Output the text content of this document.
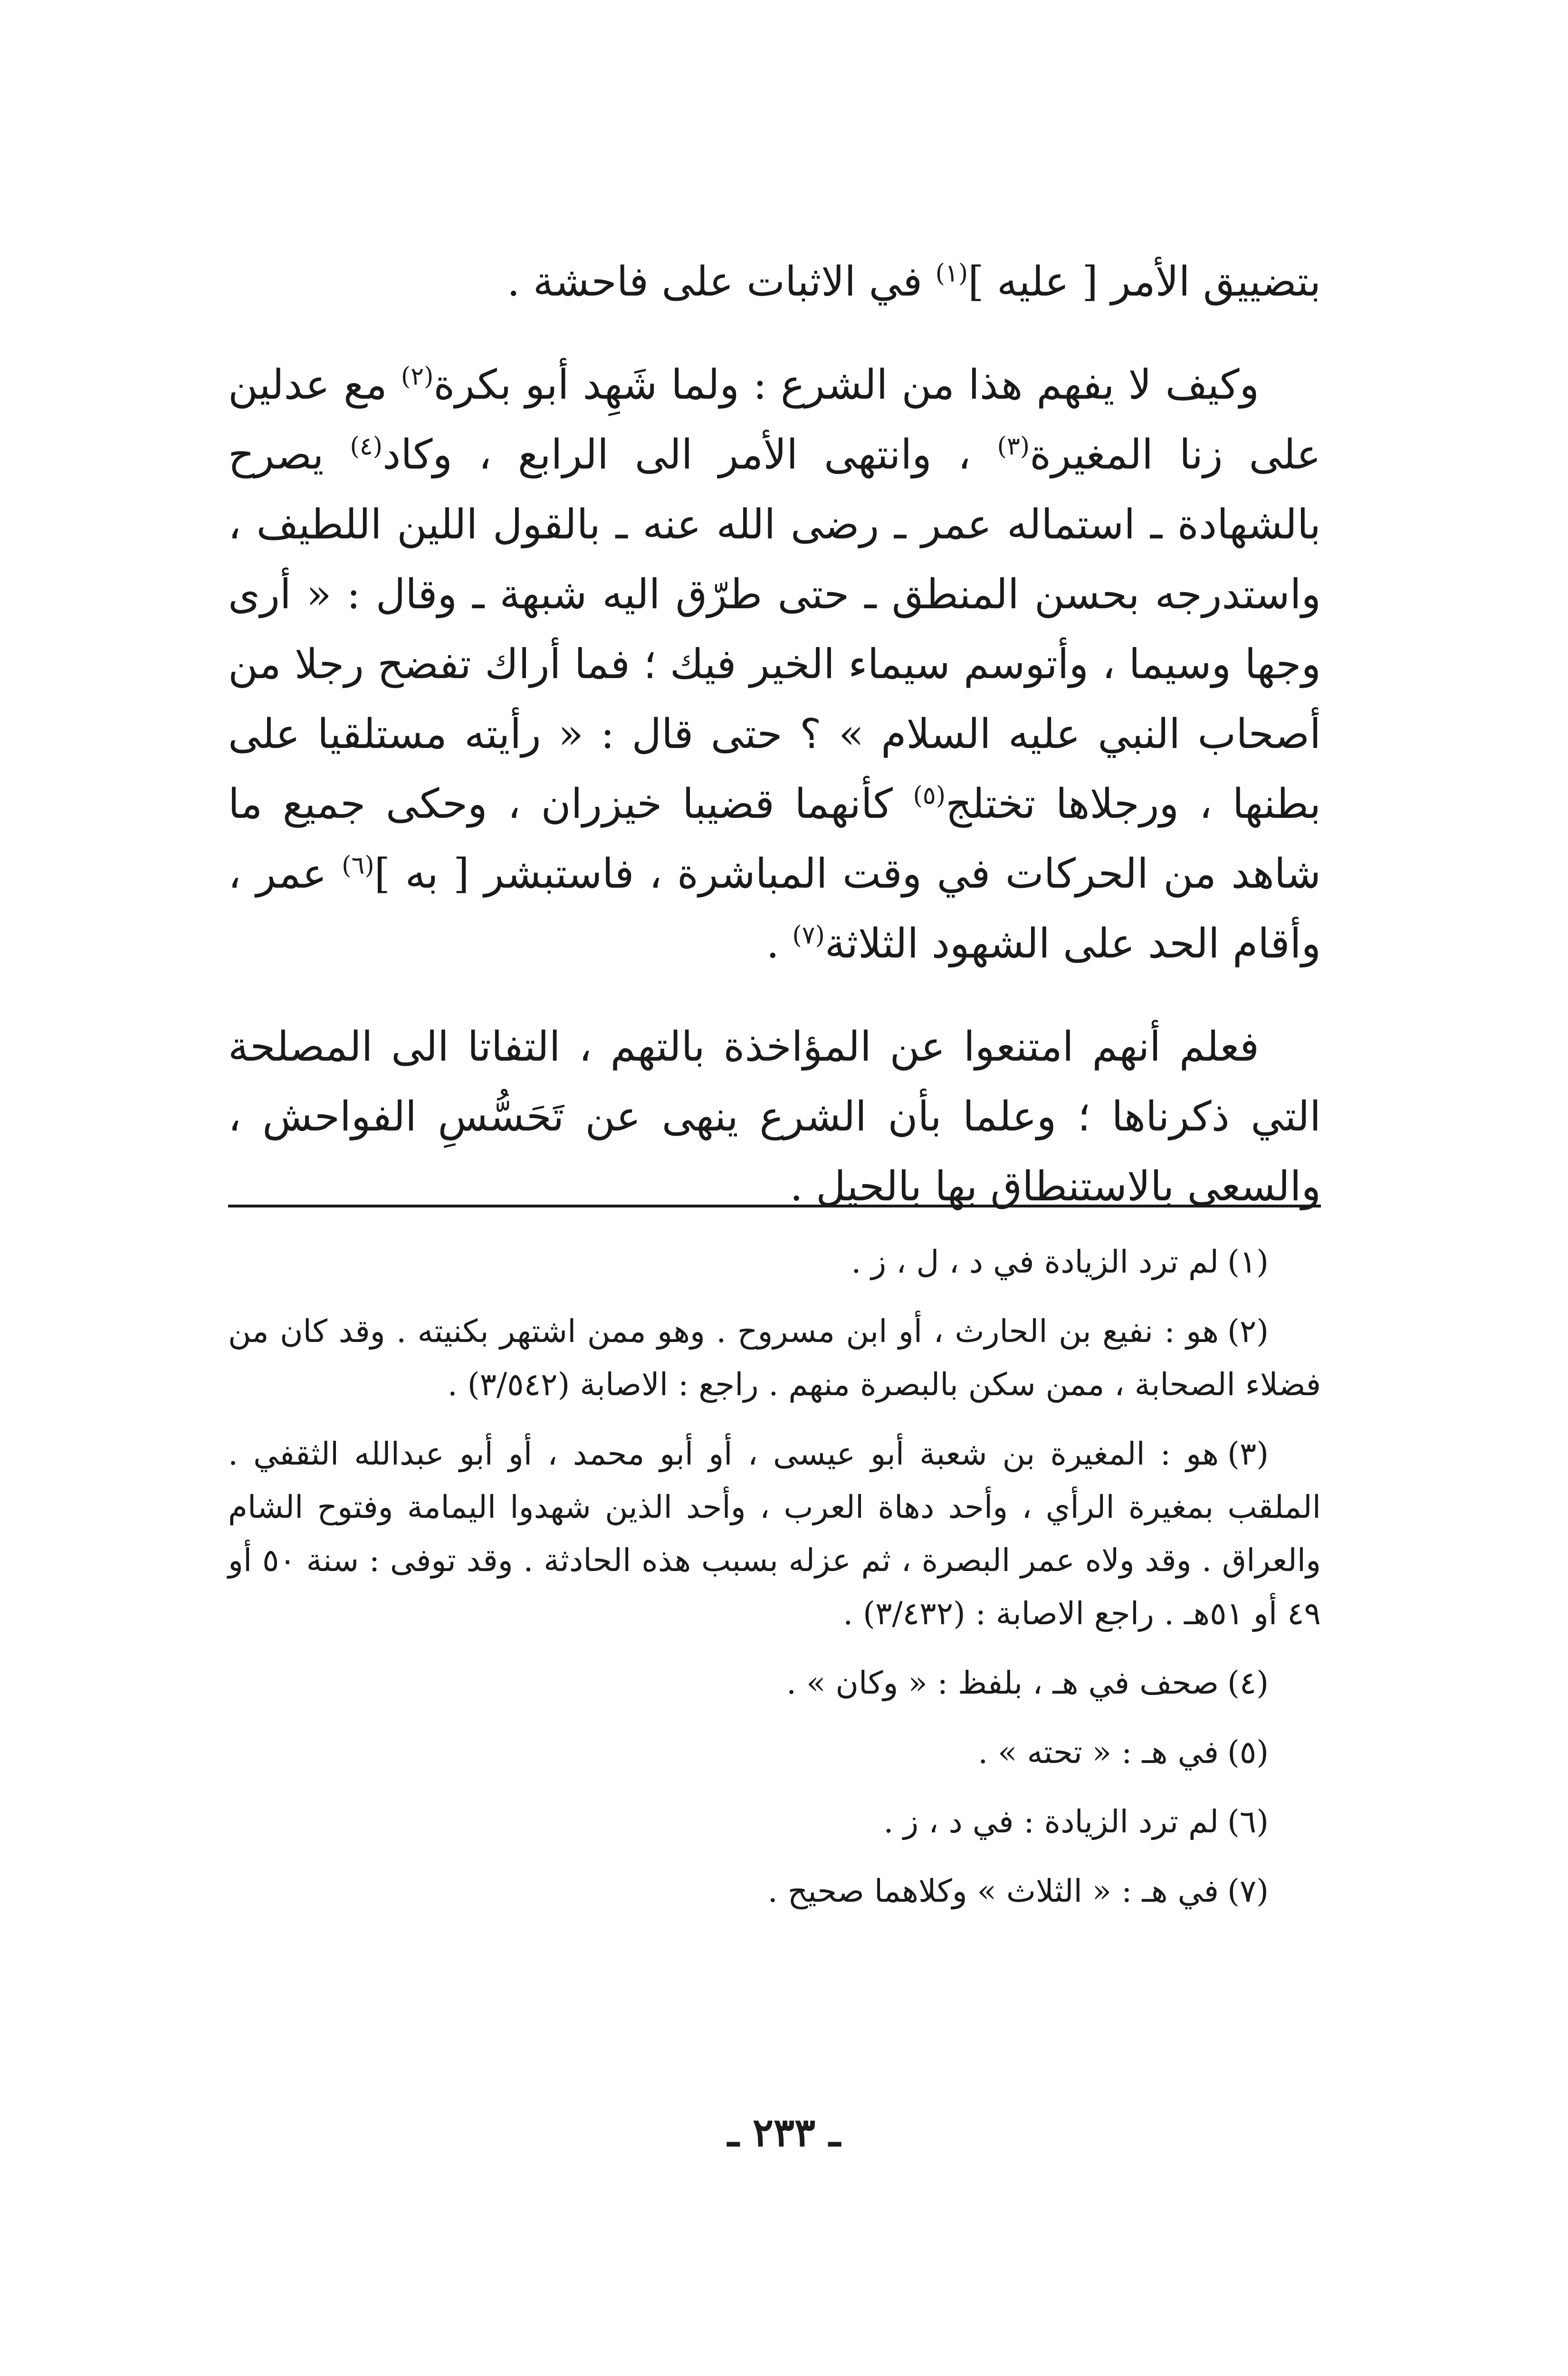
بتضييق الأمر [ عليه ]$^{(١)}$ في الاثبات على فاحشة .

وكيف لا يفهم هذا من الشرع : ولما شَهِد أبو بكرة$^{(٢)}$ مع عدلين على زنا المغيرة$^{(٣)}$ ، وانتهى الأمر الى الرابع ، وكاد$^{(٤)}$ يصرح بالشهادة ـ استماله عمر ـ رضى الله عنه ـ بالقول اللين اللطيف ، واستدرجه بحسن المنطق ـ حتى طرّق اليه شبهة ـ وقال : « أرى وجها وسيما ، وأتوسم سيماء الخير فيك ؛ فما أراك تفضح رجلا من أصحاب النبي عليه السلام » ؟ حتى قال : « رأيته مستلقيا على بطنها ، ورجلاها تختلج$^{(٥)}$ كأنهما قضيبا خيزران ، وحكى جميع ما شاهد من الحركات في وقت المباشرة ، فاستبشر [ به ]$^{(٦)}$ عمر ، وأقام الحد على الشهود الثلاثة$^{(٧)}$ .

فعلم أنهم امتنعوا عن المؤاخذة بالتهم ، التفاتا الى المصلحة التي ذكرناها ؛ وعلما بأن الشرع ينهى عن تَحَسُّسِ الفواحش ، والسعى بالاستنطاق بها بالحيل .

(١)لم ترد الزيادة في د ، ل ، ز .

(٢)هو : نفيع بن الحارث ، أو ابن مسروح . وهو ممن اشتهر بكنيته . وقد كان من فضلاء الصحابة ، ممن سكن بالبصرة منهم . راجع : الاصابة (٣/٥٤٢) .

(٣)هو : المغيرة بن شعبة أبو عيسى ، أو أبو محمد ، أو أبو عبدالله الثقفي . الملقب بمغيرة الرأي ، وأحد دهاة العرب ، وأحد الذين شهدوا اليمامة وفتوح الشام والعراق . وقد ولاه عمر البصرة ، ثم عزله بسبب هذه الحادثة . وقد توفى : سنة ٥٠ أو ٤٩ أو ٥١هـ . راجع الاصابة : (٣/٤٣٢) .

(٤)صحف في هـ ، بلفظ : « وكان » .

(٥)في هـ : « تحته » .

(٦)لم ترد الزيادة : في د ، ز .

(٧)في هـ : « الثلاث » وكلاهما صحيح .

ـ ٢٣٣ ـ
